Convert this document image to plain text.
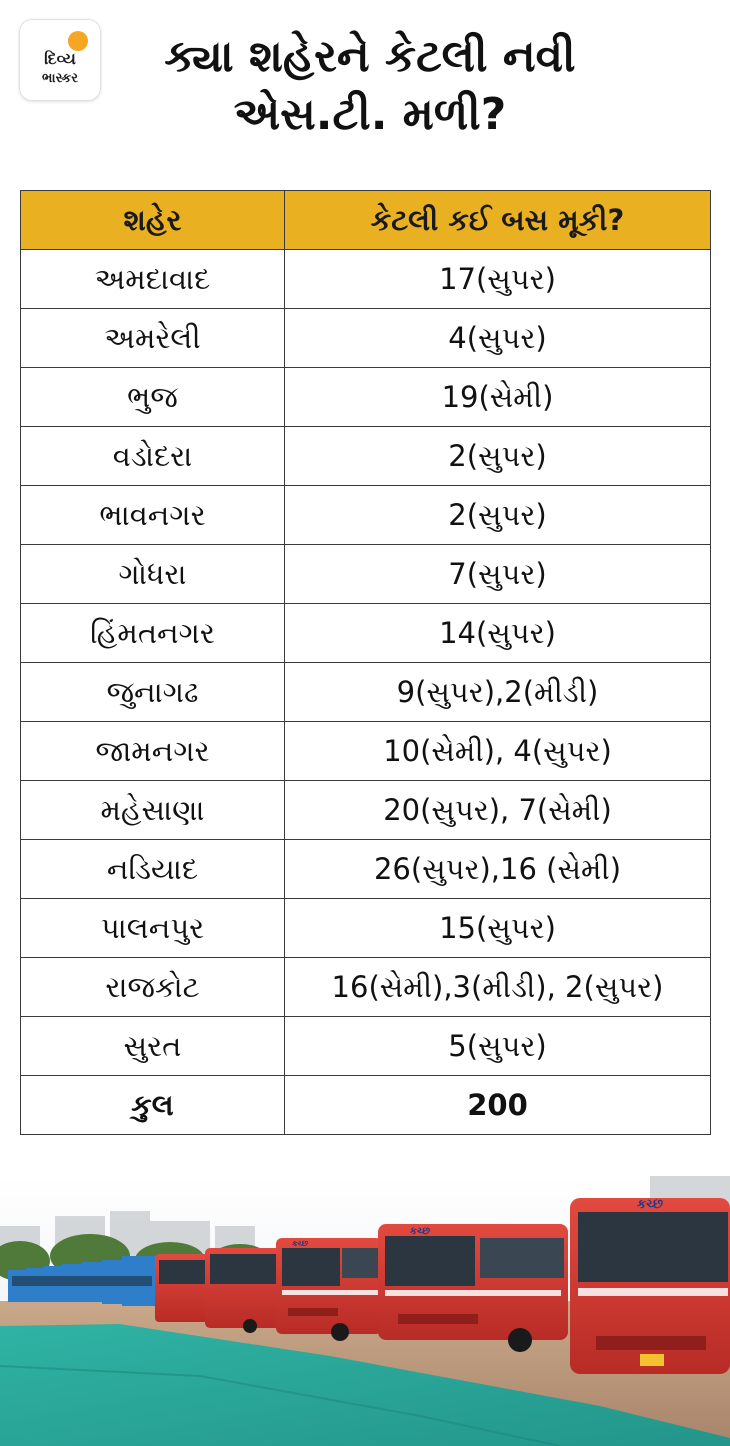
દિવ્ય
ભાસ્કર	ક્યા શહેરને કેટલી નવી
એસ.ટી. મળી?
શહેર	કેટલી કઈ બસ મૂકી?
અમદાવાદ	17(સુપર)
અમરેલી	4(સુપર)
ભુજ	19(સેમી)
વડોદરા	2(સુપર)
ભાવનગર	2(સુપર)
ગોધરા	7(સુપર)
હિંમતનગર	14(સુપર)
જુનાગઢ	9(સુપર),2(મીડી)
જામનગર	10(સેમી), 4(સુપર)
મહેસાણા	20(સુપર), 7(સેમી)
નડિયાદ	26(સુપર),16 (સેમી)
પાલનપુર	15(સુપર)
રાજકોટ	16(સેમી),3(મીડી), 2(સુપર)
સુરત	5(સુપર)
કુલ	200
કચ્છ
કચ્છ
કચ્છ
